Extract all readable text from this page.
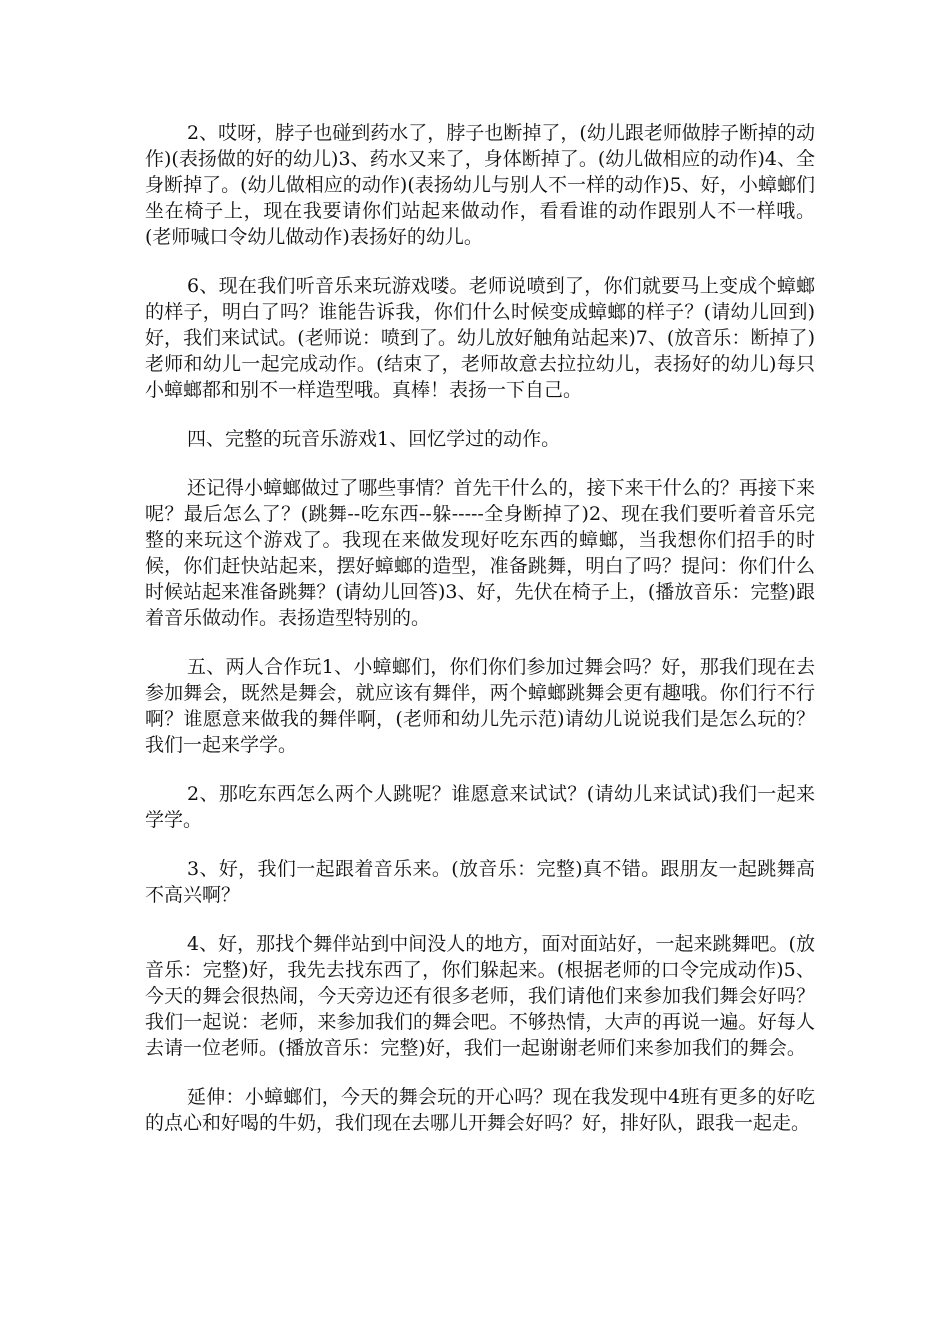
2、哎呀，脖子也碰到药水了，脖子也断掉了，(幼儿跟老师做脖子断掉的动作)(表扬做的好的幼儿)3、药水又来了，身体断掉了。(幼儿做相应的动作)4、全身断掉了。(幼儿做相应的动作)(表扬幼儿与别人不一样的动作)5、好，小蟑螂们坐在椅子上，现在我要请你们站起来做动作，看看谁的动作跟别人不一样哦。(老师喊口令幼儿做动作)表扬好的幼儿。

6、现在我们听音乐来玩游戏喽。老师说喷到了，你们就要马上变成个蟑螂的样子，明白了吗？谁能告诉我，你们什么时候变成蟑螂的样子？(请幼儿回到)好，我们来试试。(老师说：喷到了。幼儿放好触角站起来)7、(放音乐：断掉了)老师和幼儿一起完成动作。(结束了，老师故意去拉拉幼儿，表扬好的幼儿)每只小蟑螂都和别不一样造型哦。真棒！表扬一下自己。

四、完整的玩音乐游戏1、回忆学过的动作。

还记得小蟑螂做过了哪些事情？首先干什么的，接下来干什么的？再接下来呢？最后怎么了？(跳舞--吃东西--躲-----全身断掉了)2、现在我们要听着音乐完整的来玩这个游戏了。我现在来做发现好吃东西的蟑螂，当我想你们招手的时候，你们赶快站起来，摆好蟑螂的造型，准备跳舞，明白了吗？提问：你们什么时候站起来准备跳舞？(请幼儿回答)3、好，先伏在椅子上，(播放音乐：完整)跟着音乐做动作。表扬造型特别的。

五、两人合作玩1、小蟑螂们，你们你们参加过舞会吗？好，那我们现在去参加舞会，既然是舞会，就应该有舞伴，两个蟑螂跳舞会更有趣哦。你们行不行啊？谁愿意来做我的舞伴啊，(老师和幼儿先示范)请幼儿说说我们是怎么玩的？我们一起来学学。

2、那吃东西怎么两个人跳呢？谁愿意来试试？(请幼儿来试试)我们一起来学学。

3、好，我们一起跟着音乐来。(放音乐：完整)真不错。跟朋友一起跳舞高不高兴啊？

4、好，那找个舞伴站到中间没人的地方，面对面站好，一起来跳舞吧。(放音乐：完整)好，我先去找东西了，你们躲起来。(根据老师的口令完成动作)5、今天的舞会很热闹，今天旁边还有很多老师，我们请他们来参加我们舞会好吗？我们一起说：老师，来参加我们的舞会吧。不够热情，大声的再说一遍。好每人去请一位老师。(播放音乐：完整)好，我们一起谢谢老师们来参加我们的舞会。

延伸：小蟑螂们，今天的舞会玩的开心吗？现在我发现中4班有更多的好吃的点心和好喝的牛奶，我们现在去哪儿开舞会好吗？好，排好队，跟我一起走。
